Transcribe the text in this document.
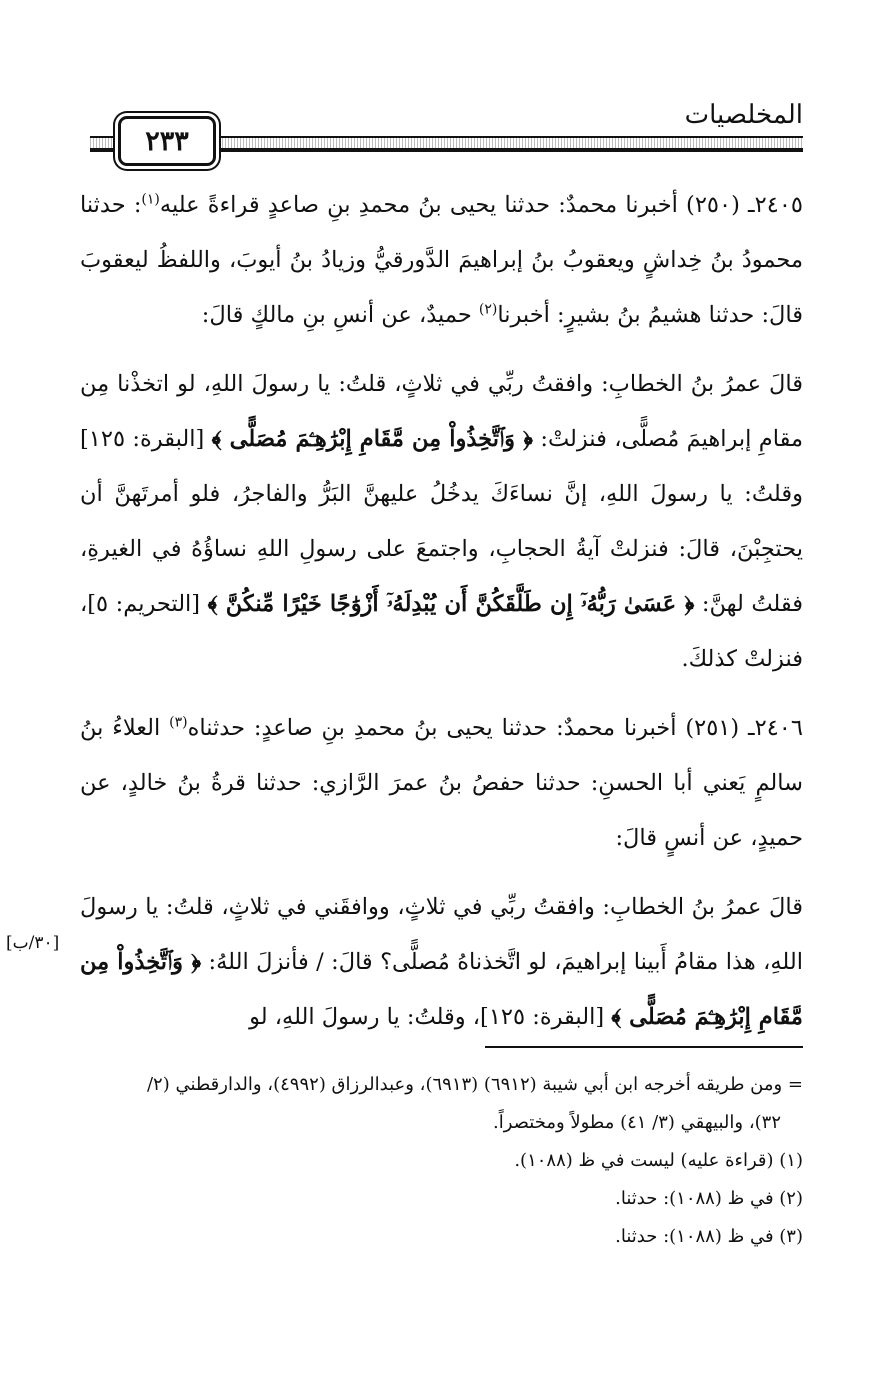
المخلصيات
٢٣٣

٢٤٠٥ـ (٢٥٠) أخبرنا محمدٌ: حدثنا يحيى بنُ محمدِ بنِ صاعدٍ قراءةً عليه$^{(١)}$: حدثنا محمودُ بنُ خِداشٍ ويعقوبُ بنُ إبراهيمَ الدَّورقيُّ وزيادُ بنُ أيوبَ، واللفظُ ليعقوبَ قالَ: حدثنا هشيمُ بنُ بشيرٍ: أخبرنا$^{(٢)}$ حميدٌ، عن أنسِ بنِ مالكٍ قالَ:

قالَ عمرُ بنُ الخطابِ: وافقتُ ربِّي في ثلاثٍ، قلتُ: يا رسولَ اللهِ، لو اتخذْنا مِن مقامِ إبراهيمَ مُصلًّى، فنزلتْ: ﴿ وَٱتَّخِذُواْ مِن مَّقَامِ إِبْرَٰهِـۧمَ مُصَلًّى ﴾ [البقرة: ١٢٥] وقلتُ: يا رسولَ اللهِ، إنَّ نساءَكَ يدخُلُ عليهنَّ البَرُّ والفاجرُ، فلو أمرتَهنَّ أن يحتجِبْنَ، قالَ: فنزلتْ آيةُ الحجابِ، واجتمعَ على رسولِ اللهِ نساؤُهُ في الغيرةِ، فقلتُ لهنَّ: ﴿ عَسَىٰ رَبُّهُۥٓ إِن طَلَّقَكُنَّ أَن يُبْدِلَهُۥٓ أَزْوَٰجًا خَيْرًا مِّنكُنَّ ﴾ [التحريم: ٥]، فنزلتْ كذلكَ.

٢٤٠٦ـ (٢٥١) أخبرنا محمدٌ: حدثنا يحيى بنُ محمدِ بنِ صاعدٍ: حدثناه$^{(٣)}$ العلاءُ بنُ سالمٍ يَعني أبا الحسنِ: حدثنا حفصُ بنُ عمرَ الرَّازي: حدثنا قرةُ بنُ خالدٍ، عن حميدٍ، عن أنسٍ قالَ:

قالَ عمرُ بنُ الخطابِ: وافقتُ ربِّي في ثلاثٍ، ووافقَني في ثلاثٍ، قلتُ: يا رسولَ اللهِ، هذا مقامُ أَبينا إبراهيمَ، لو اتَّخذناهُ مُصلًّى؟ قالَ: / فأنزلَ اللهُ: ﴿ وَٱتَّخِذُواْ مِن مَّقَامِ إِبْرَٰهِـۧمَ مُصَلًّى ﴾ [البقرة: ١٢٥]، وقلتُ: يا رسولَ اللهِ، لو

[٣٠/ب]

= ومن طريقه أخرجه ابن أبي شيبة (٦٩١٢) (٦٩١٣)، وعبدالرزاق (٤٩٩٢)، والدارقطني (٢/ ٣٢)، والبيهقي (٣/ ٤١) مطولاً ومختصراً.

(١) (قراءة عليه) ليست في ظ (١٠٨٨).

(٢) في ظ (١٠٨٨): حدثنا.

(٣) في ظ (١٠٨٨): حدثنا.
